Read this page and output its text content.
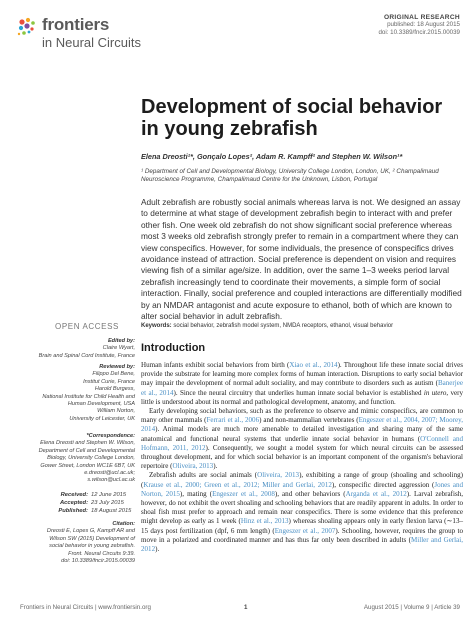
frontiers
in Neural Circuits
ORIGINAL RESEARCH
published: 18 August 2015
doi: 10.3389/fncir.2015.00039
Development of social behavior in young zebrafish
Elena Dreosti¹*, Gonçalo Lopes², Adam R. Kampff² and Stephen W. Wilson¹*
¹ Department of Cell and Developmental Biology, University College London, London, UK, ² Champalimaud Neuroscience Programme, Champalimaud Centre for the Unknown, Lisbon, Portugal
Adult zebrafish are robustly social animals whereas larva is not. We designed an assay to determine at what stage of development zebrafish begin to interact with and prefer other fish. One week old zebrafish do not show significant social preference whereas most 3 weeks old zebrafish strongly prefer to remain in a compartment where they can view conspecifics. However, for some individuals, the presence of conspecifics drives avoidance instead of attraction. Social preference is dependent on vision and requires viewing fish of a similar age/size. In addition, over the same 1–3 weeks period larval zebrafish increasingly tend to coordinate their movements, a simple form of social interaction. Finally, social preference and coupled interactions are differentially modified by an NMDAR antagonist and acute exposure to ethanol, both of which are known to alter social behavior in adult zebrafish.
Keywords: social behavior, zebrafish model system, NMDA receptors, ethanol, visual behavior
OPEN ACCESS
Edited by:
Claire Wyart,
Brain and Spinal Cord Institute, France
Reviewed by:
Filippo Del Bene,
Institut Curie, France
Harold Burgess,
National Institute for Child Health and
Human Development, USA
William Norton,
University of Leicester, UK
*Correspondence:
Elena Dreosti and Stephen W. Wilson,
Department of Cell and Developmental
Biology, University College London,
Gower Street, London WC1E 6BT, UK
e.dreosti@ucl.ac.uk;
s.wilson@ucl.ac.uk
Received: 12 June 2015
Accepted: 23 July 2015
Published: 18 August 2015
Citation:
Dreosti E, Lopes G, Kampff AR and
Wilson SW (2015) Development of
social behavior in young zebrafish.
Front. Neural Circuits 9:39.
doi: 10.3389/fncir.2015.00039
Introduction

Human infants exhibit social behaviors from birth (Xiao et al., 2014). Throughout life these innate social drives provide the substrate for learning more complex forms of human interaction. Disruptions to early social behavior may impair the development of normal adult sociality, and may contribute to disorders such as autism (Banerjee et al., 2014). Since the neural circuitry that underlies human innate social behavior is established in utero, very little is understood about its normal and pathological development, anatomy, and function.

Early developing social behaviors, such as the preference to observe and mimic conspecifics, are common to many other mammals (Ferrari et al., 2006) and non-mammalian vertebrates (Engeszer et al., 2004, 2007; Moorey, 2014). Animal models are much more amenable to detailed investigation and sharing many of the same anatomical and functional neural systems that underlie innate social behavior in humans (O'Connell and Hofmann, 2011, 2012). Consequently, we sought a model system for which neural circuits can be assessed throughout development, and for which social behavior is an important component of the organism's behavioral repertoire (Oliveira, 2013).

Zebrafish adults are social animals (Oliveira, 2013), exhibiting a range of group (shoaling and schooling) (Krause et al., 2000; Green et al., 2012; Miller and Gerlai, 2012), conspecific directed aggression (Jones and Norton, 2015), mating (Engeszer et al., 2008), and other behaviors (Arganda et al., 2012). Larval zebrafish, however, do not exhibit the overt shoaling and schooling behaviors that are readily apparent in adults. In order to shoal fish must prefer to approach and remain near conspecifics. There is some evidence that this preference might develop as early as 1 week (Hinz et al., 2013) whereas shoaling appears only in early flexion larva (∼13–15 days post fertilization (dpf, 6 mm length) (Engeszer et al., 2007). Schooling, however, requires the group to move in a polarized and coordinated manner and has thus far only been described in adults (Miller and Gerlai, 2012).

Frontiers in Neural Circuits | www.frontiersin.org	1	August 2015 | Volume 9 | Article 39
